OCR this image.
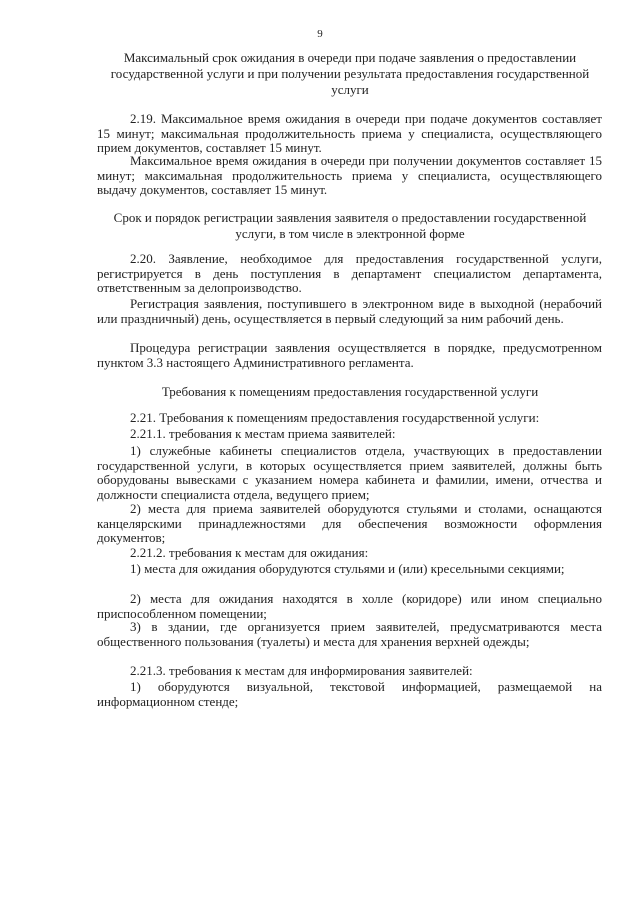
9
Максимальный срок ожидания в очереди при подаче заявления о предоставлении государственной услуги и при получении результата предоставления государственной услуги
2.19. Максимальное время ожидания в очереди при подаче документов составляет 15 минут; максимальная продолжительность приема у специалиста, осуществляющего прием документов, составляет 15 минут.
Максимальное время ожидания в очереди при получении документов составляет 15 минут; максимальная продолжительность приема у специалиста, осуществляющего выдачу документов, составляет 15 минут.
Срок и порядок регистрации заявления заявителя о предоставлении государственной услуги, в том числе в электронной форме
2.20. Заявление, необходимое для предоставления государственной услуги, регистрируется в день поступления в департамент специалистом департамента, ответственным за делопроизводство.
Регистрация заявления, поступившего в электронном виде в выходной (нерабочий или праздничный) день, осуществляется в первый следующий за ним рабочий день.
Процедура регистрации заявления осуществляется в порядке, предусмотренном пунктом 3.3 настоящего Административного регламента.
Требования к помещениям предоставления государственной услуги
2.21. Требования к помещениям предоставления государственной услуги:
2.21.1. требования к местам приема заявителей:
1) служебные кабинеты специалистов отдела, участвующих в предоставлении государственной услуги, в которых осуществляется прием заявителей, должны быть оборудованы вывесками с указанием номера кабинета и фамилии, имени, отчества и должности специалиста отдела, ведущего прием;
2) места для приема заявителей оборудуются стульями и столами, оснащаются канцелярскими принадлежностями для обеспечения возможности оформления документов;
2.21.2. требования к местам для ожидания:
1) места для ожидания оборудуются стульями и (или) кресельными секциями;
2) места для ожидания находятся в холле (коридоре) или ином специально приспособленном помещении;
3) в здании, где организуется прием заявителей, предусматриваются места общественного пользования (туалеты) и места для хранения верхней одежды;
2.21.3. требования к местам для информирования заявителей:
1) оборудуются визуальной, текстовой информацией, размещаемой на информационном стенде;
